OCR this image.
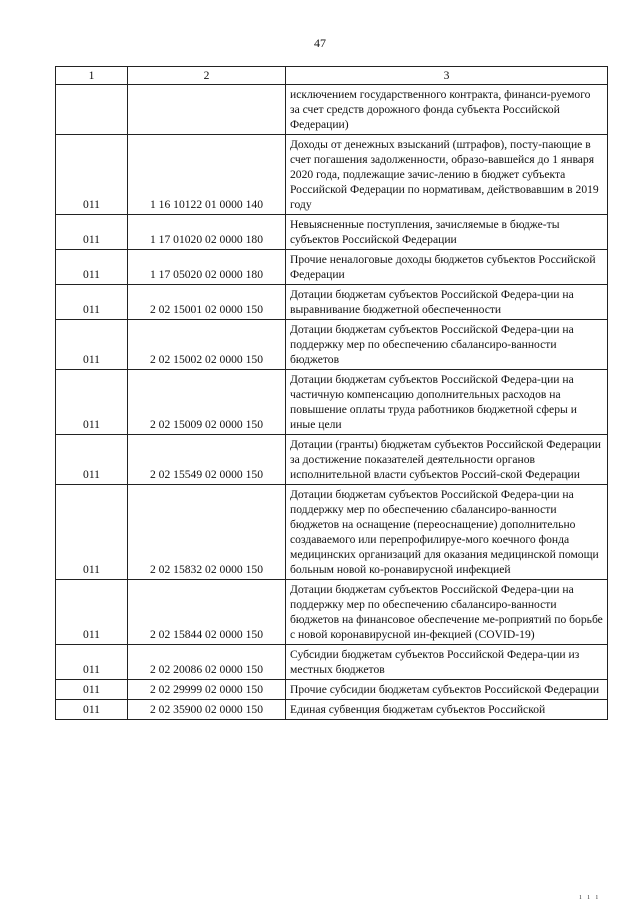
47
1	2	3
		исключением государственного контракта, финанси-руемого за счет средств дорожного фонда субъекта Российской Федерации)
011	1 16 10122 01 0000 140	Доходы от денежных взысканий (штрафов), посту-пающие в счет погашения задолженности, образо-вавшейся до 1 января 2020 года, подлежащие зачис-лению в бюджет субъекта Российской Федерации по нормативам, действовавшим в 2019 году
011	1 17 01020 02 0000 180	Невыясненные поступления, зачисляемые в бюдже-ты субъектов Российской Федерации
011	1 17 05020 02 0000 180	Прочие неналоговые доходы бюджетов субъектов Российской Федерации
011	2 02 15001 02 0000 150	Дотации бюджетам субъектов Российской Федера-ции на выравнивание бюджетной обеспеченности
011	2 02 15002 02 0000 150	Дотации бюджетам субъектов Российской Федера-ции на поддержку мер по обеспечению сбалансиро-ванности бюджетов
011	2 02 15009 02 0000 150	Дотации бюджетам субъектов Российской Федера-ции на частичную компенсацию дополнительных расходов на повышение оплаты труда работников бюджетной сферы и иные цели
011	2 02 15549 02 0000 150	Дотации (гранты) бюджетам субъектов Российской Федерации за достижение показателей деятельности органов исполнительной власти субъектов Россий-ской Федерации
011	2 02 15832 02 0000 150	Дотации бюджетам субъектов Российской Федера-ции на поддержку мер по обеспечению сбалансиро-ванности бюджетов на оснащение (переоснащение) дополнительно создаваемого или перепрофилируе-мого коечного фонда медицинских организаций для оказания медицинской помощи больным новой ко-ронавирусной инфекцией
011	2 02 15844 02 0000 150	Дотации бюджетам субъектов Российской Федера-ции на поддержку мер по обеспечению сбалансиро-ванности бюджетов на финансовое обеспечение ме-роприятий по борьбе с новой коронавирусной ин-фекцией (COVID-19)
011	2 02 20086 02 0000 150	Субсидии бюджетам субъектов Российской Федера-ции из местных бюджетов
011	2 02 29999 02 0000 150	Прочие субсидии бюджетам субъектов Российской Федерации
011	2 02 35900 02 0000 150	Единая субвенция бюджетам субъектов Российской
ı ı ı
